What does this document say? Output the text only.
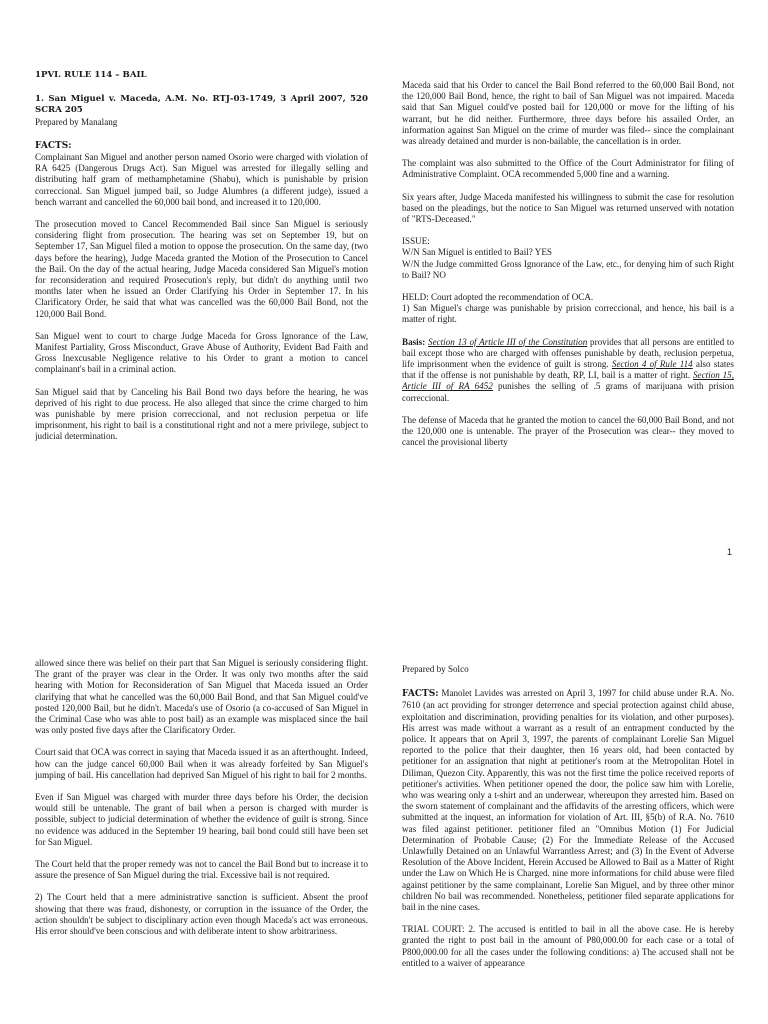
1PVI. RULE 114 – BAIL

1. San Miguel v. Maceda, A.M. No. RTJ-03-1749, 3 April 2007, 520 SCRA 205

Prepared by Manalang

FACTS:

Complainant San Miguel and another person named Osorio were charged with violation of RA 6425 (Dangerous Drugs Act). San Miguel was arrested for illegally selling and distributing half gram of methamphetamine (Shabu), which is punishable by prision correccional. San Miguel jumped bail, so Judge Alumbres (a different judge), issued a bench warrant and cancelled the 60,000 bail bond, and increased it to 120,000.

The prosecution moved to Cancel Recommended Bail since San Miguel is seriously considering flight from prosecution. The hearing was set on September 19, but on September 17, San Miguel filed a motion to oppose the prosecution. On the same day, (two days before the hearing), Judge Maceda granted the Motion of the Prosecution to Cancel the Bail. On the day of the actual hearing, Judge Maceda considered San Miguel's motion for reconsideration and required Prosecution's reply, but didn't do anything until two months later when he issued an Order Clarifying his Order in September 17. In his Clarificatory Order, he said that what was cancelled was the 60,000 Bail Bond, not the 120,000 Bail Bond.

San Miguel went to court to charge Judge Maceda for Gross Ignorance of the Law, Manifest Partiality, Gross Misconduct, Grave Abuse of Authority, Evident Bad Faith and Gross Inexcusable Negligence relative to his Order to grant a motion to cancel complainant's bail in a criminal action.

San Miguel said that by Canceling his Bail Bond two days before the hearing, he was deprived of his right to due process. He also alleged that since the crime charged to him was punishable by mere prision correccional, and not reclusion perpetua or life imprisonment, his right to bail is a constitutional right and not a mere privilege, subject to judicial determination.

Maceda said that his Order to cancel the Bail Bond referred to the 60,000 Bail Bond, not the 120,000 Bail Bond, hence, the right to bail of San Miguel was not impaired. Maceda said that San Miguel could've posted bail for 120,000 or move for the lifting of his warrant, but he did neither. Furthermore, three days before his assailed Order, an information against San Miguel on the crime of murder was filed-- since the complainant was already detained and murder is non-bailable, the cancellation is in order.

The complaint was also submitted to the Office of the Court Administrator for filing of Administrative Complaint. OCA recommended 5,000 fine and a warning.

Six years after, Judge Maceda manifested his willingness to submit the case for resolution based on the pleadings, but the notice to San Miguel was returned unserved with notation of "RTS-Deceased."

ISSUE:

W/N San Miguel is entitled to Bail? YES

W/N the Judge committed Gross Ignorance of the Law, etc., for denying him of such Right to Bail? NO

HELD: Court adopted the recommendation of OCA.

1) San Miguel's charge was punishable by prision correccional, and hence, his bail is a matter of right.

Basis: Section 13 of Article III of the Constitution provides that all persons are entitled to bail except those who are charged with offenses punishable by death, reclusion perpetua, life imprisonment when the evidence of guilt is strong. Section 4 of Rule 114 also states that if the offense is not punishable by death, RP, LI, bail is a matter of right. Section 15, Article III of RA 6452 punishes the selling of .5 grams of marijuana with prision correccional.

The defense of Maceda that he granted the motion to cancel the 60,000 Bail Bond, and not the 120,000 one is untenable. The prayer of the Prosecution was clear-- they moved to cancel the provisional liberty

1

allowed since there was belief on their part that San Miguel is seriously considering flight. The grant of the prayer was clear in the Order. It was only two months after the said hearing with Motion for Reconsideration of San Miguel that Maceda issued an Order clarifying that what he cancelled was the 60,000 Bail Bond, and that San Miguel could've posted 120,000 Bail, but he didn't. Maceda's use of Osorio (a co-accused of San Miguel in the Criminal Case who was able to post bail) as an example was misplaced since the bail was only posted five days after the Clarificatory Order.

Court said that OCA was correct in saying that Maceda issued it as an afterthought. Indeed, how can the judge cancel 60,000 Bail when it was already forfeited by San Miguel's jumping of bail. His cancellation had deprived San Miguel of his right to bail for 2 months.

Even if San Miguel was charged with murder three days before his Order, the decision would still be untenable. The grant of bail when a person is charged with murder is possible, subject to judicial determination of whether the evidence of guilt is strong. Since no evidence was adduced in the September 19 hearing, bail bond could still have been set for San Miguel.

The Court held that the proper remedy was not to cancel the Bail Bond but to increase it to assure the presence of San Miguel during the trial. Excessive bail is not required.

2) The Court held that a mere administrative sanction is sufficient. Absent the proof showing that there was fraud, dishonesty, or corruption in the issuance of the Order, the action shouldn't be subject to disciplinary action even though Maceda's act was erroneous. His error should've been conscious and with deliberate intent to show arbitrariness.

Prepared by Solco

FACTS: Manolet Lavides was arrested on April 3, 1997 for child abuse under R.A. No. 7610 (an act providing for stronger deterrence and special protection against child abuse, exploitation and discrimination, providing penalties for its violation, and other purposes). His arrest was made without a warrant as a result of an entrapment conducted by the police. It appears that on April 3, 1997, the parents of complainant Lorelie San Miguel reported to the police that their daughter, then 16 years old, had been contacted by petitioner for an assignation that night at petitioner's room at the Metropolitan Hotel in Diliman, Quezon City. Apparently, this was not the first time the police received reports of petitioner's activities. When petitioner opened the door, the police saw him with Lorelie, who was wearing only a t-shirt and an underwear, whereupon they arrested him. Based on the sworn statement of complainant and the affidavits of the arresting officers, which were submitted at the inquest, an information for violation of Art. III, §5(b) of R.A. No. 7610 was filed against petitioner. petitioner filed an "Omnibus Motion (1) For Judicial Determination of Probable Cause; (2) For the Immediate Release of the Accused Unlawfully Detained on an Unlawful Warrantless Arrest; and (3) In the Event of Adverse Resolution of the Above Incident, Herein Accused be Allowed to Bail as a Matter of Right under the Law on Which He is Charged. nine more informations for child abuse were filed against petitioner by the same complainant, Lorelie San Miguel, and by three other minor children No bail was recommended. Nonetheless, petitioner filed separate applications for bail in the nine cases.

TRIAL COURT: 2. The accused is entitled to bail in all the above case. He is hereby granted the right to post bail in the amount of P80,000.00 for each case or a total of P800,000.00 for all the cases under the following conditions: a) The accused shall not be entitled to a waiver of appearance
